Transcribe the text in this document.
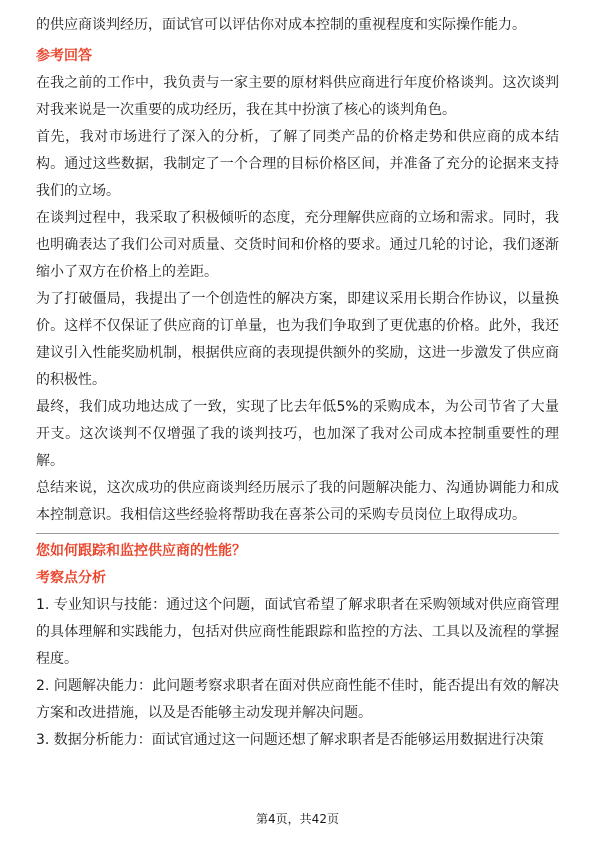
的供应商谈判经历，面试官可以评估你对成本控制的重视程度和实际操作能力。

参考回答

在我之前的工作中，我负责与一家主要的原材料供应商进行年度价格谈判。这次谈判对我来说是一次重要的成功经历，我在其中扮演了核心的谈判角色。

首先，我对市场进行了深入的分析，了解了同类产品的价格走势和供应商的成本结构。通过这些数据，我制定了一个合理的目标价格区间，并准备了充分的论据来支持我们的立场。

在谈判过程中，我采取了积极倾听的态度，充分理解供应商的立场和需求。同时，我也明确表达了我们公司对质量、交货时间和价格的要求。通过几轮的讨论，我们逐渐缩小了双方在价格上的差距。

为了打破僵局，我提出了一个创造性的解决方案，即建议采用长期合作协议，以量换价。这样不仅保证了供应商的订单量，也为我们争取到了更优惠的价格。此外，我还建议引入性能奖励机制，根据供应商的表现提供额外的奖励，这进一步激发了供应商的积极性。

最终，我们成功地达成了一致，实现了比去年低5%的采购成本，为公司节省了大量开支。这次谈判不仅增强了我的谈判技巧，也加深了我对公司成本控制重要性的理解。

总结来说，这次成功的供应商谈判经历展示了我的问题解决能力、沟通协调能力和成本控制意识。我相信这些经验将帮助我在喜茶公司的采购专员岗位上取得成功。

您如何跟踪和监控供应商的性能？

考察点分析

1. 专业知识与技能：通过这个问题，面试官希望了解求职者在采购领域对供应商管理的具体理解和实践能力，包括对供应商性能跟踪和监控的方法、工具以及流程的掌握程度。

2. 问题解决能力：此问题考察求职者在面对供应商性能不佳时，能否提出有效的解决方案和改进措施，以及是否能够主动发现并解决问题。

3. 数据分析能力：面试官通过这一问题还想了解求职者是否能够运用数据进行决策

第4页，共42页
